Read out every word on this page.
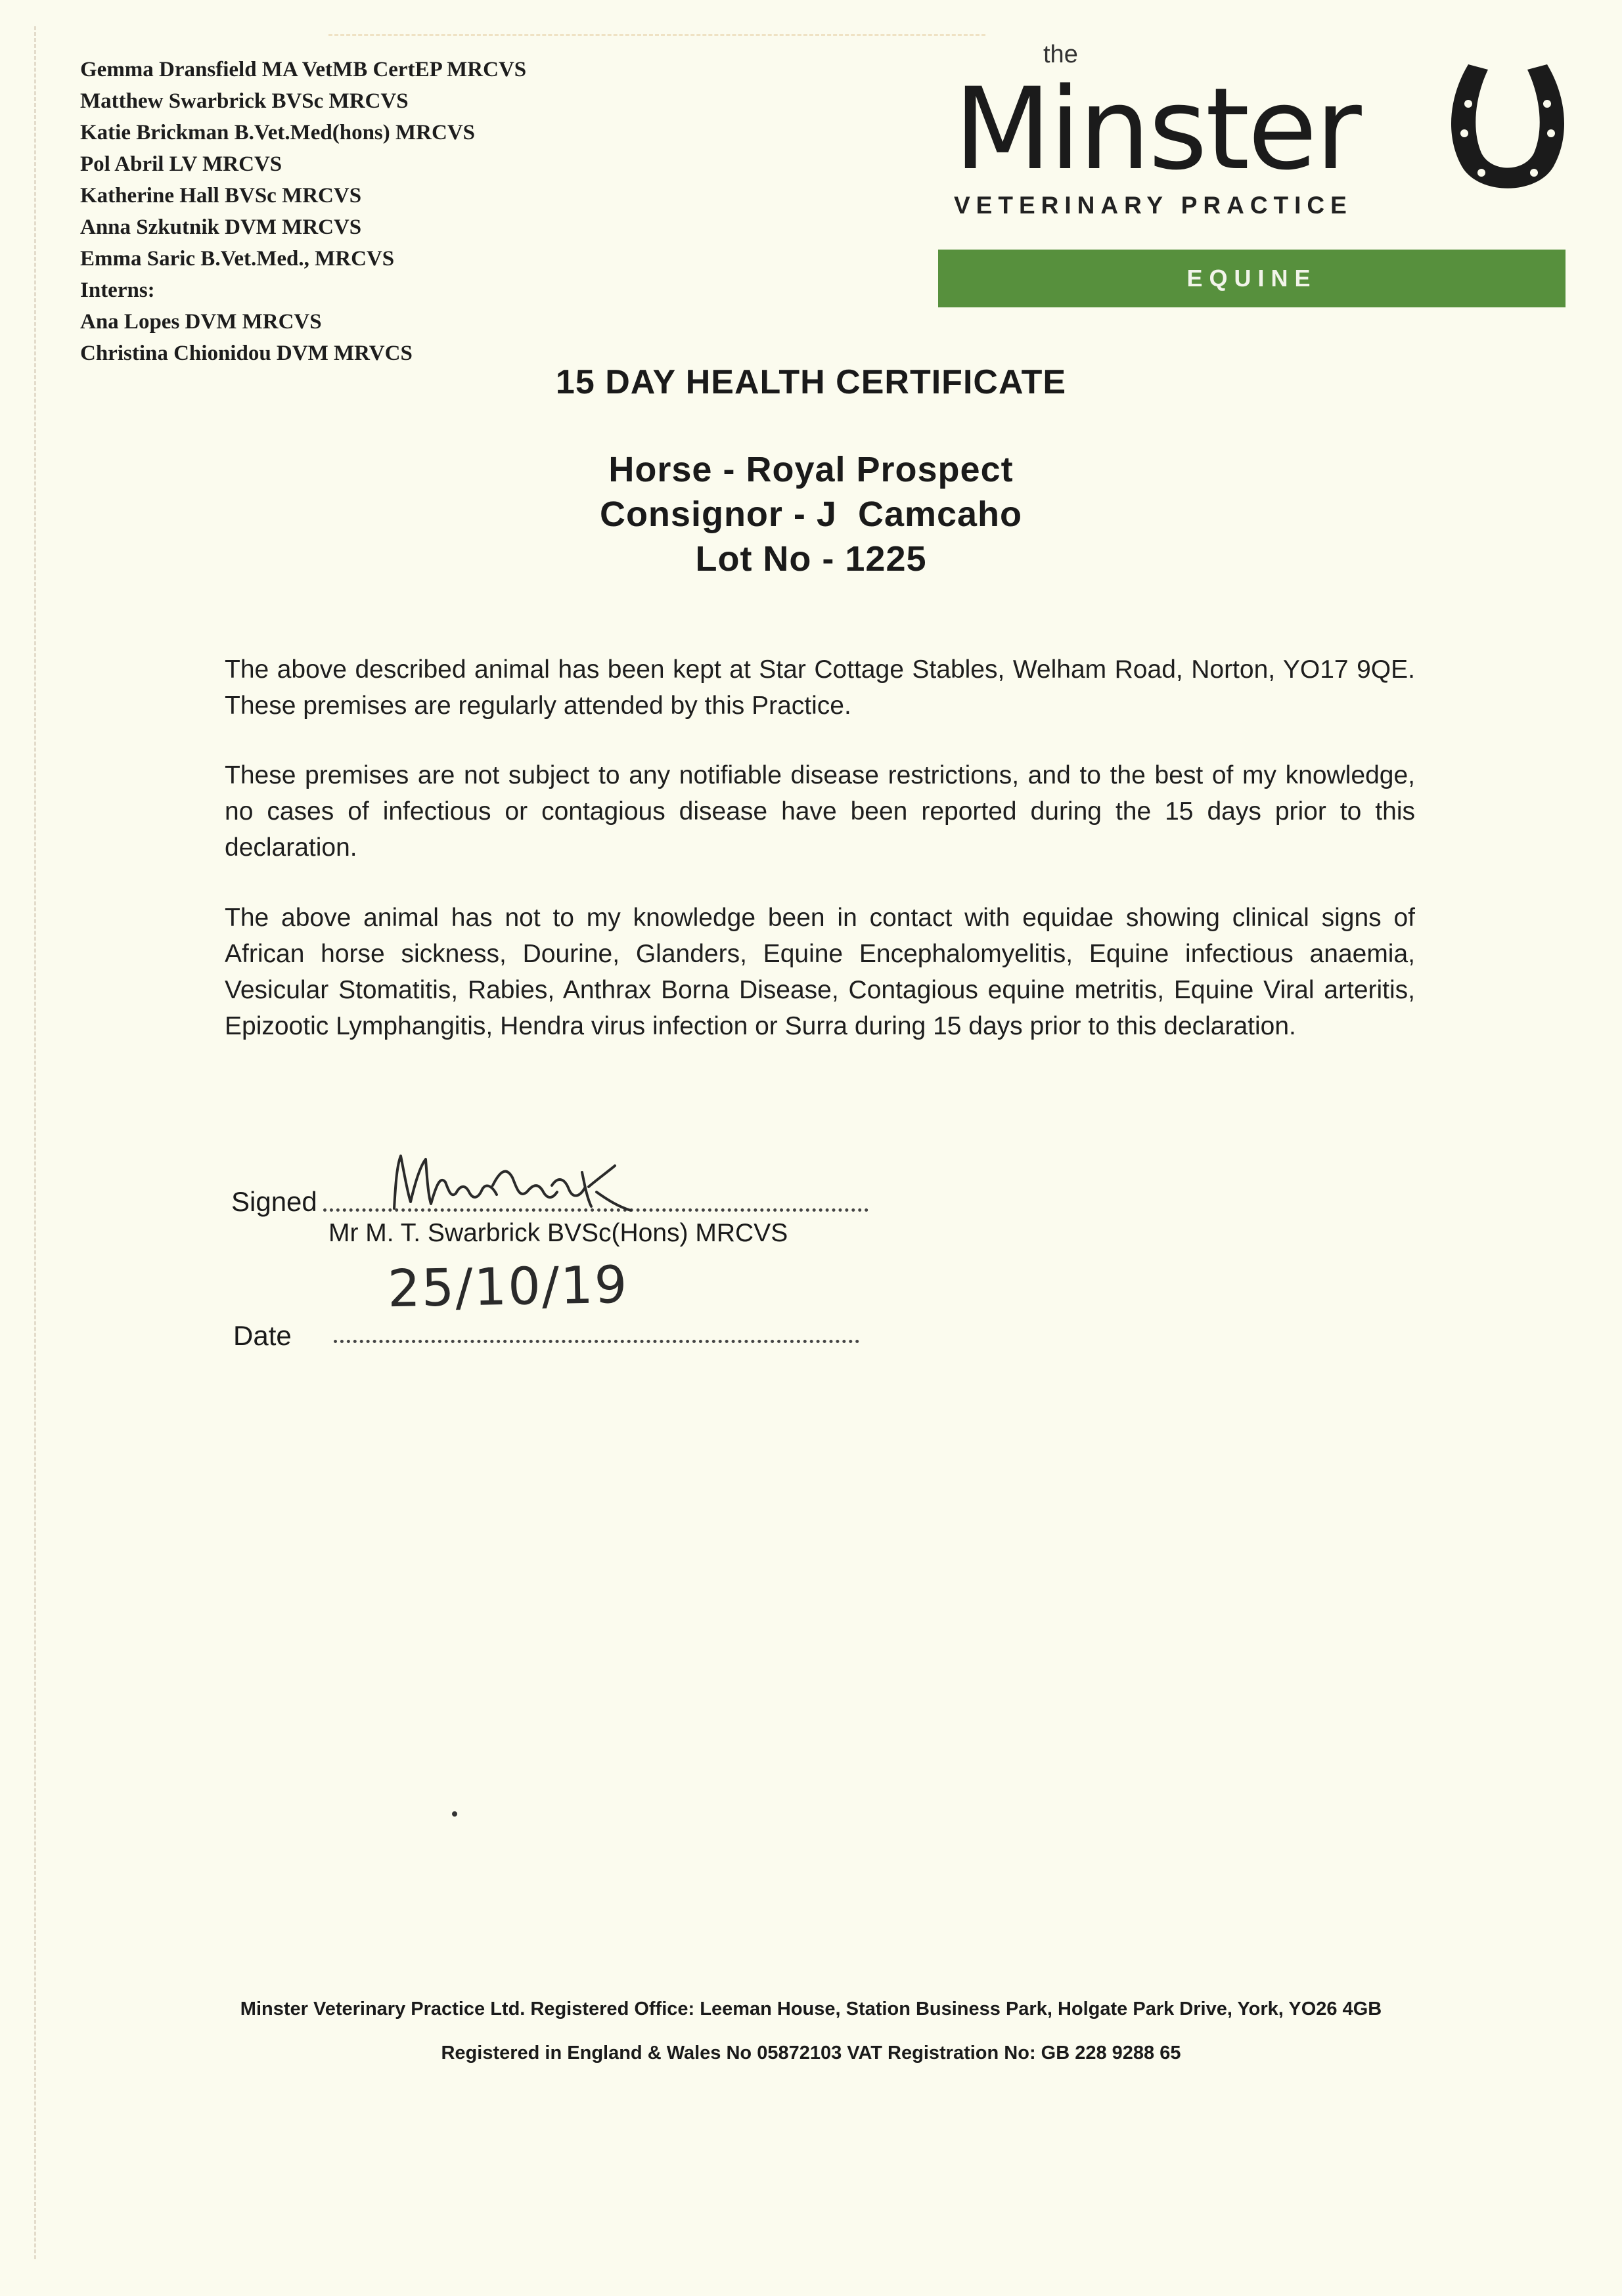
Gemma Dransfield MA VetMB CertEP MRCVS
Matthew Swarbrick BVSc MRCVS
Katie Brickman B.Vet.Med(hons) MRCVS
Pol Abril LV MRCVS
Katherine Hall BVSc MRCVS
Anna Szkutnik DVM MRCVS
Emma Saric B.Vet.Med., MRCVS
Interns:
Ana Lopes DVM MRCVS
Christina Chionidou DVM MRVCS
the
Minster
VETERINARY PRACTICE
EQUINE
15 DAY HEALTH CERTIFICATE
Horse - Royal Prospect
Consignor - J  Camcaho
Lot No - 1225
The above described animal has been kept at Star Cottage Stables, Welham Road, Norton, YO17 9QE. These premises are regularly attended by this Practice.
These premises are not subject to any notifiable disease restrictions, and to the best of my knowledge, no cases of infectious or contagious disease have been reported during the 15 days prior to this declaration.
The above animal has not to my knowledge been in contact with equidae showing clinical signs of African horse sickness, Dourine, Glanders, Equine Encephalomyelitis, Equine infectious anaemia, Vesicular Stomatitis, Rabies, Anthrax Borna Disease, Contagious equine metritis, Equine Viral arteritis, Epizootic Lymphangitis, Hendra virus infection or Surra during 15 days prior to this declaration.
Signed
Mr M. T. Swarbrick BVSc(Hons) MRCVS
Date
25/10/19
Minster Veterinary Practice Ltd. Registered Office: Leeman House, Station Business Park, Holgate Park Drive, York, YO26 4GB
Registered in England & Wales No 05872103 VAT Registration No: GB 228 9288 65
